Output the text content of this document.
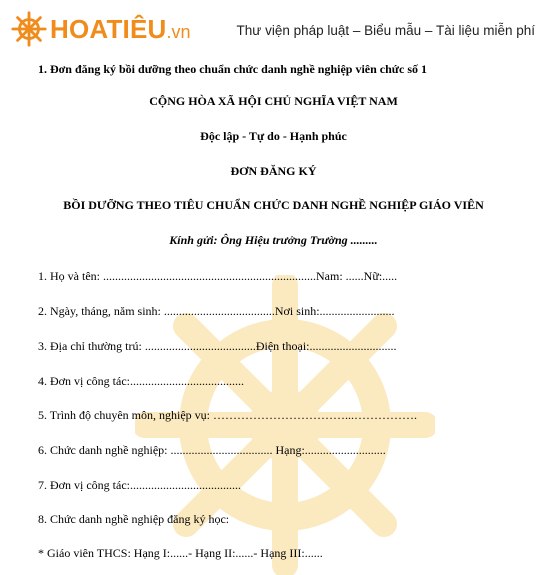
HOATIÊU .vn	Thư viện pháp luật – Biểu mẫu – Tài liệu miễn phí
1. Đơn đăng ký bồi dưỡng theo chuẩn chức danh nghề nghiệp viên chức số 1
CỘNG HÒA XÃ HỘI CHỦ NGHĨA VIỆT NAM
Độc lập - Tự do - Hạnh phúc
ĐƠN ĐĂNG KÝ
BỒI DƯỠNG THEO TIÊU CHUẨN CHỨC DANH NGHỀ NGHIỆP GIÁO VIÊN
Kính gửi: Ông Hiệu trưởng Trường .........
1. Họ và tên: .......................................................................Nam: ......Nữ:.....
2. Ngày, tháng, năm sinh: .....................................Nơi sinh:.........................
3. Địa chỉ thường trú: .....................................Điện thoại:.............................
4. Đơn vị công tác:......................................
5. Trình độ chuyên môn, nghiệp vụ: ……………………………...…………….
6. Chức danh nghề nghiệp: .................................. Hạng:...........................
7. Đơn vị công tác:.....................................
8. Chức danh nghề nghiệp đăng ký học:
* Giáo viên THCS: Hạng I:......- Hạng II:......- Hạng III:......
